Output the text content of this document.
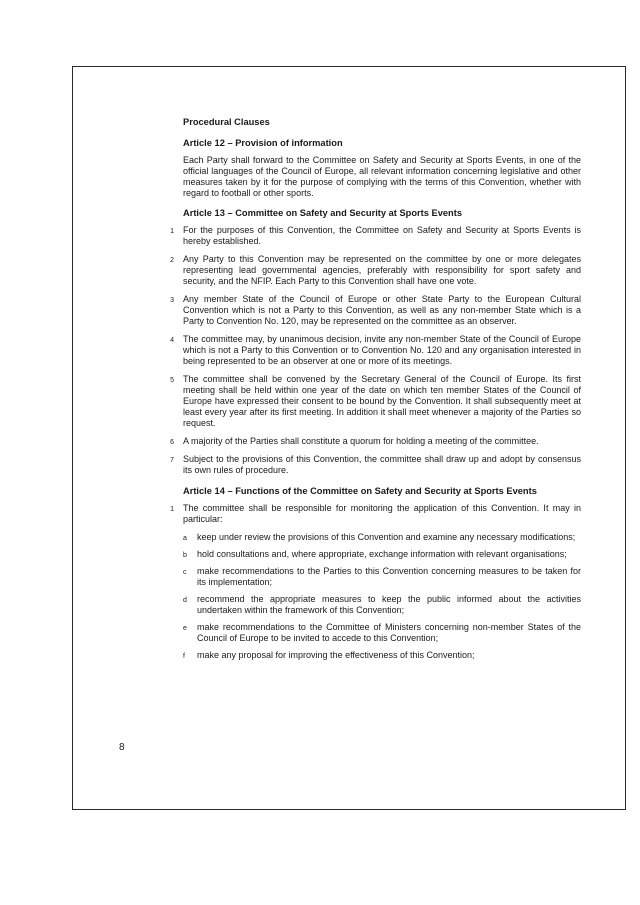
Procedural Clauses
Article 12 – Provision of information

Each Party shall forward to the Committee on Safety and Security at Sports Events, in one of the official languages of the Council of Europe, all relevant information concerning legislative and other measures taken by it for the purpose of complying with the terms of this Convention, whether with regard to football or other sports.

Article 13 – Committee on Safety and Security at Sports Events
1 For the purposes of this Convention, the Committee on Safety and Security at Sports Events is hereby established.

2 Any Party to this Convention may be represented on the committee by one or more delegates representing lead governmental agencies, preferably with responsibility for sport safety and security, and the NFIP. Each Party to this Convention shall have one vote.

3 Any member State of the Council of Europe or other State Party to the European Cultural Convention which is not a Party to this Convention, as well as any non-member State which is a Party to Convention No. 120, may be represented on the committee as an observer.

4 The committee may, by unanimous decision, invite any non-member State of the Council of Europe which is not a Party to this Convention or to Convention No. 120 and any organisation interested in being represented to be an observer at one or more of its meetings.

5 The committee shall be convened by the Secretary General of the Council of Europe. Its first meeting shall be held within one year of the date on which ten member States of the Council of Europe have expressed their consent to be bound by the Convention. It shall subsequently meet at least every year after its first meeting. In addition it shall meet whenever a majority of the Parties so request.

6 A majority of the Parties shall constitute a quorum for holding a meeting of the committee.

7 Subject to the provisions of this Convention, the committee shall draw up and adopt by consensus its own rules of procedure.

Article 14 – Functions of the Committee on Safety and Security at Sports Events
1 The committee shall be responsible for monitoring the application of this Convention. It may in particular:

a keep under review the provisions of this Convention and examine any necessary modifications;

b hold consultations and, where appropriate, exchange information with relevant organisations;

c make recommendations to the Parties to this Convention concerning measures to be taken for its implementation;

d recommend the appropriate measures to keep the public informed about the activities undertaken within the framework of this Convention;

e make recommendations to the Committee of Ministers concerning non-member States of the Council of Europe to be invited to accede to this Convention;

f make any proposal for improving the effectiveness of this Convention;

8
